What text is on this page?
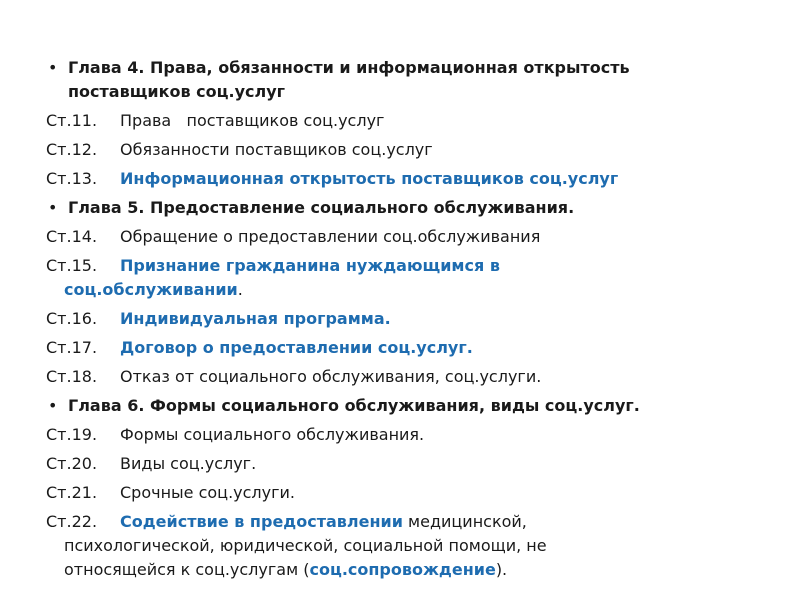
• Глава 4. Права, обязанности и информационная открытость
поставщиков соц.услуг
Ст.11. Права   поставщиков соц.услуг
Ст.12. Обязанности поставщиков соц.услуг
Ст.13. Информационная открытость поставщиков соц.услуг
• Глава 5. Предоставление социального обслуживания.
Ст.14. Обращение о предоставлении соц.обслуживания
Ст.15. Признание гражданина нуждающимся в
соц.обслуживании.
Ст.16. Индивидуальная программа.
Ст.17. Договор о предоставлении соц.услуг.
Ст.18. Отказ от социального обслуживания, соц.услуги.
• Глава 6. Формы социального обслуживания, виды соц.услуг.
Ст.19. Формы социального обслуживания.
Ст.20. Виды соц.услуг.
Ст.21. Срочные соц.услуги.
Ст.22. Содействие в предоставлении медицинской,
психологической, юридической, социальной помощи, не
относящейся к соц.услугам (соц.сопровождение).
